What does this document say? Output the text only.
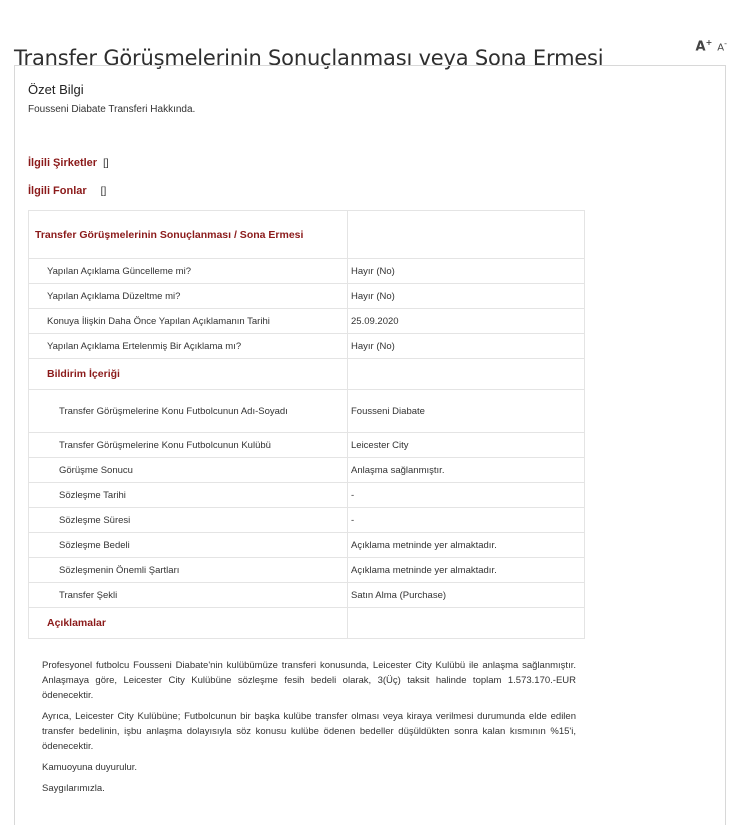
Transfer Görüşmelerinin Sonuçlanması veya Sona Ermesi	A+ A-
Özet Bilgi
Fousseni Diabate Transferi Hakkında.
İlgili Şirketler []
İlgili Fonlar []
Transfer Görüşmelerinin Sonuçlanması / Sona Ermesi	
Yapılan Açıklama Güncelleme mi?	Hayır (No)
Yapılan Açıklama Düzeltme mi?	Hayır (No)
Konuya İlişkin Daha Önce Yapılan Açıklamanın Tarihi	25.09.2020
Yapılan Açıklama Ertelenmiş Bir Açıklama mı?	Hayır (No)
Bildirim İçeriği	
Transfer Görüşmelerine Konu Futbolcunun Adı-Soyadı	Fousseni Diabate
Transfer Görüşmelerine Konu Futbolcunun Kulübü	Leicester City
Görüşme Sonucu	Anlaşma sağlanmıştır.
Sözleşme Tarihi	-
Sözleşme Süresi	-
Sözleşme Bedeli	Açıklama metninde yer almaktadır.
Sözleşmenin Önemli Şartları	Açıklama metninde yer almaktadır.
Transfer Şekli	Satın Alma (Purchase)
Açıklamalar	

Profesyonel futbolcu Fousseni Diabate'nin kulübümüze transferi konusunda, Leicester City Kulübü ile anlaşma sağlanmıştır. Anlaşmaya göre, Leicester City Kulübüne sözleşme fesih bedeli olarak, 3(Üç) taksit halinde toplam 1.573.170.-EUR ödenecektir.

Ayrıca, Leicester City Kulübüne; Futbolcunun bir başka kulübe transfer olması veya kiraya verilmesi durumunda elde edilen transfer bedelinin, işbu anlaşma dolayısıyla söz konusu kulübe ödenen bedeller düşüldükten sonra kalan kısmının %15'i, ödenecektir.

Kamuoyuna duyurulur.

Saygılarımızla.
